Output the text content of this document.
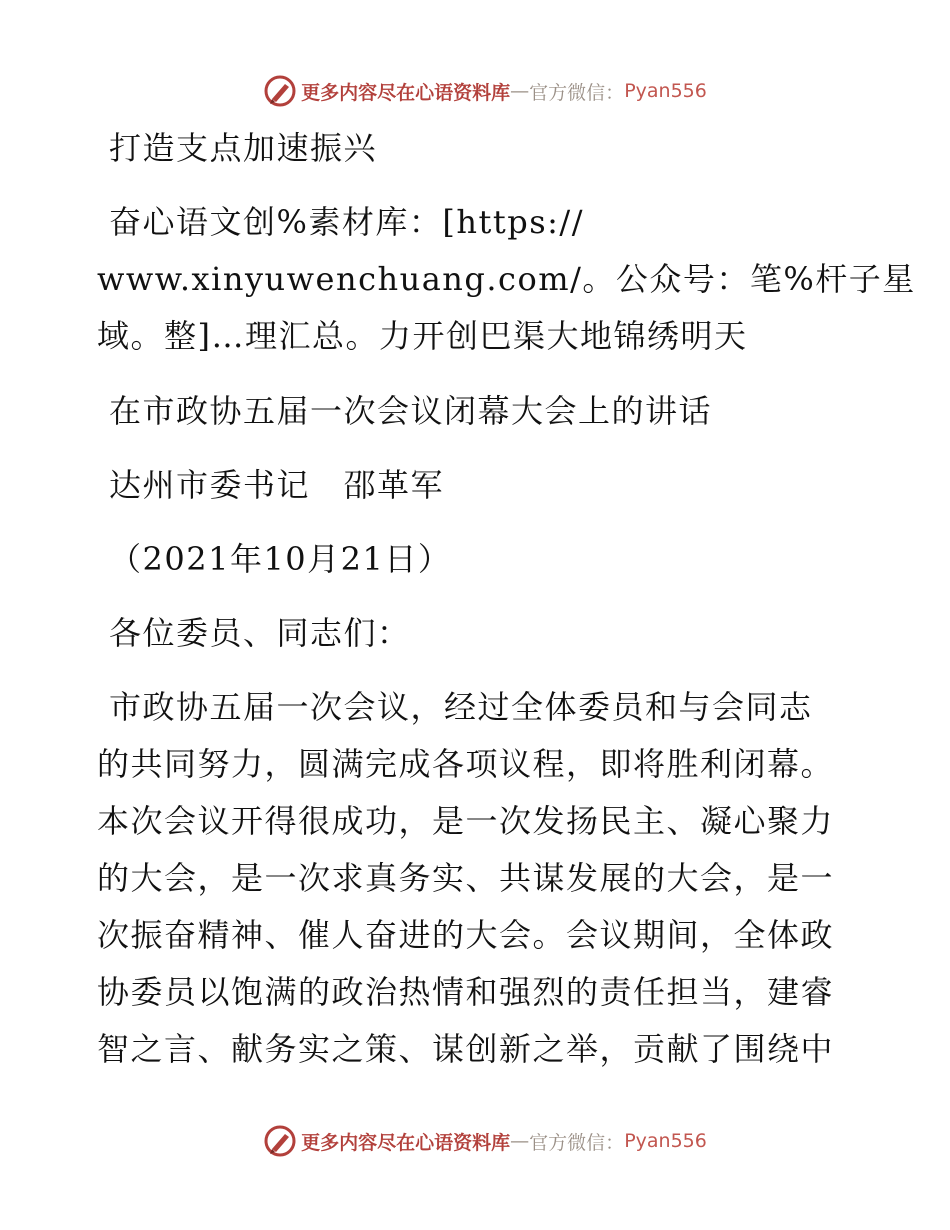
更多内容尽在心语资料库 — 官方微信： Pyan556
打造支点加速振兴
奋心语文创%素材库：[https://
www.xinyuwenchuang.com/。公众号：笔%杆子星
域。整]…理汇总。力开创巴渠大地锦绣明天
在市政协五届一次会议闭幕大会上的讲话
达州市委书记　邵革军
（2021年10月21日）
各位委员、同志们：
市政协五届一次会议，经过全体委员和与会同志
的共同努力，圆满完成各项议程，即将胜利闭幕。
本次会议开得很成功，是一次发扬民主、凝心聚力
的大会，是一次求真务实、共谋发展的大会，是一
次振奋精神、催人奋进的大会。会议期间，全体政
协委员以饱满的政治热情和强烈的责任担当，建睿
智之言、献务实之策、谋创新之举，贡献了围绕中
更多内容尽在心语资料库 — 官方微信： Pyan556
